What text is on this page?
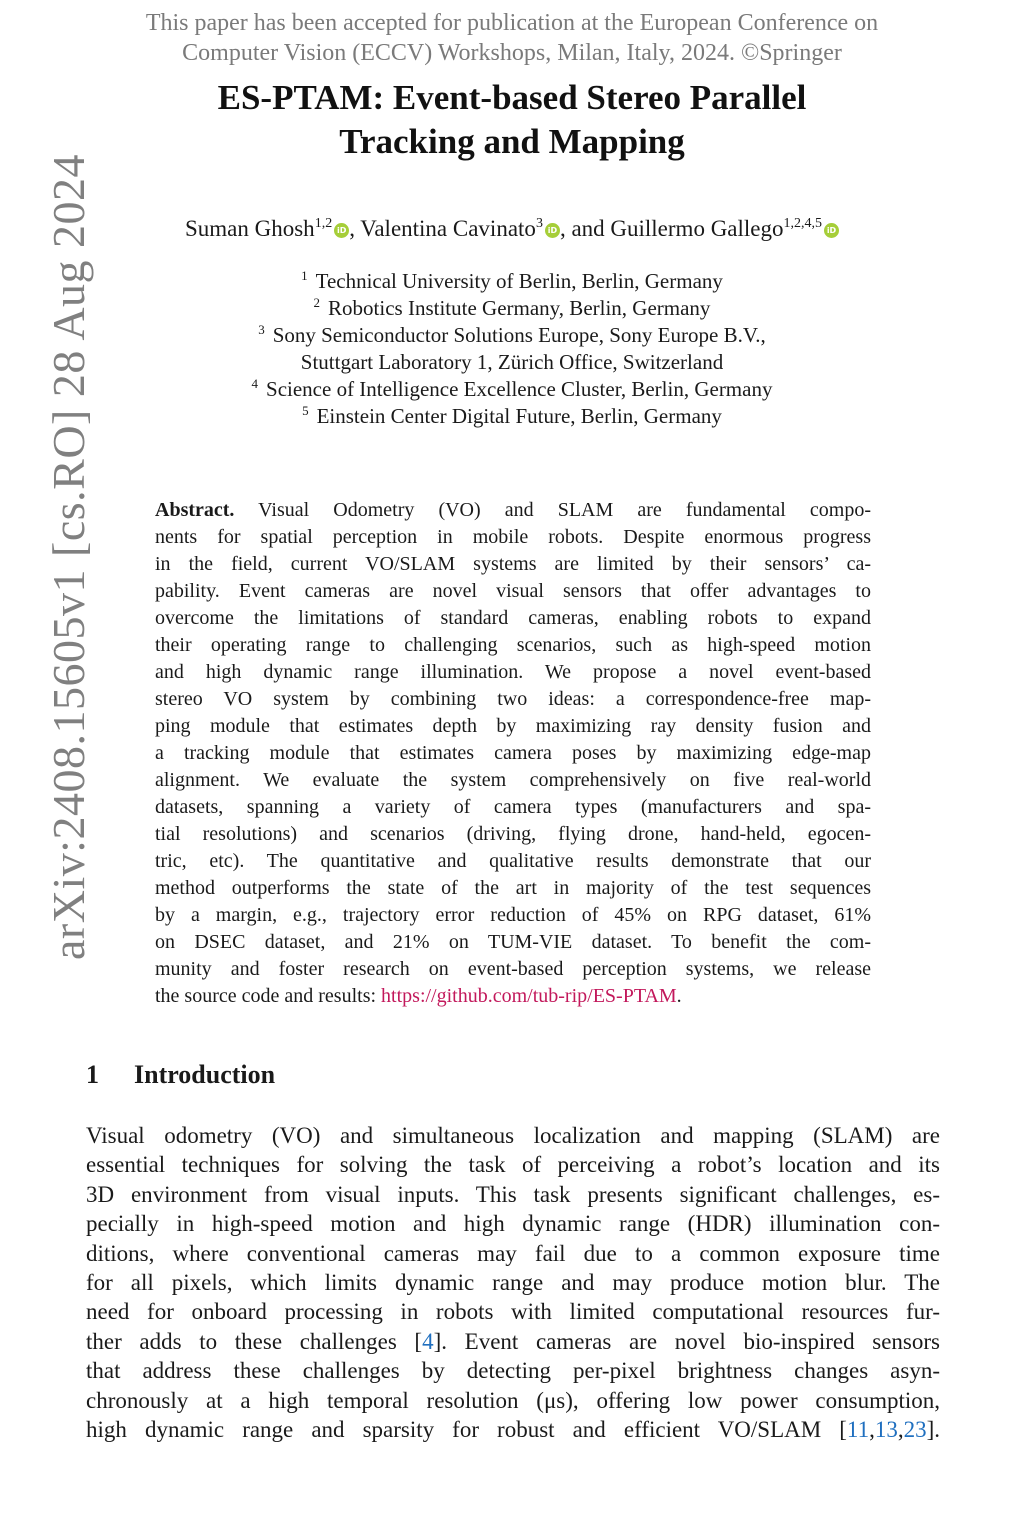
This paper has been accepted for publication at the European Conference on
Computer Vision (ECCV) Workshops, Milan, Italy, 2024. ©Springer
arXiv:2408.15605v1 [cs.RO] 28 Aug 2024
ES-PTAM: Event-based Stereo Parallel
Tracking and Mapping
Suman Ghosh$^{1,2}$ iD , Valentina Cavinato$^3$ iD , and Guillermo Gallego$^{1,2,4,5}$ iD
$^1$ Technical University of Berlin, Berlin, Germany
$^2$ Robotics Institute Germany, Berlin, Germany
$^3$ Sony Semiconductor Solutions Europe, Sony Europe B.V.,
Stuttgart Laboratory 1, Zürich Office, Switzerland
$^4$ Science of Intelligence Excellence Cluster, Berlin, Germany
$^5$ Einstein Center Digital Future, Berlin, Germany
Abstract. Visual Odometry (VO) and SLAM are fundamental compo-
nents for spatial perception in mobile robots. Despite enormous progress
in the field, current VO/SLAM systems are limited by their sensors’ ca-
pability. Event cameras are novel visual sensors that offer advantages to
overcome the limitations of standard cameras, enabling robots to expand
their operating range to challenging scenarios, such as high-speed motion
and high dynamic range illumination. We propose a novel event-based
stereo VO system by combining two ideas: a correspondence-free map-
ping module that estimates depth by maximizing ray density fusion and
a tracking module that estimates camera poses by maximizing edge-map
alignment. We evaluate the system comprehensively on five real-world
datasets, spanning a variety of camera types (manufacturers and spa-
tial resolutions) and scenarios (driving, flying drone, hand-held, egocen-
tric, etc). The quantitative and qualitative results demonstrate that our
method outperforms the state of the art in majority of the test sequences
by a margin, e.g., trajectory error reduction of 45% on RPG dataset, 61%
on DSEC dataset, and 21% on TUM-VIE dataset. To benefit the com-
munity and foster research on event-based perception systems, we release
the source code and results: https://github.com/tub-rip/ES-PTAM.
1 Introduction
Visual odometry (VO) and simultaneous localization and mapping (SLAM) are
essential techniques for solving the task of perceiving a robot’s location and its
3D environment from visual inputs. This task presents significant challenges, es-
pecially in high-speed motion and high dynamic range (HDR) illumination con-
ditions, where conventional cameras may fail due to a common exposure time
for all pixels, which limits dynamic range and may produce motion blur. The
need for onboard processing in robots with limited computational resources fur-
ther adds to these challenges [4]. Event cameras are novel bio-inspired sensors
that address these challenges by detecting per-pixel brightness changes asyn-
chronously at a high temporal resolution (μs), offering low power consumption,
high dynamic range and sparsity for robust and efficient VO/SLAM [11,13,23].
